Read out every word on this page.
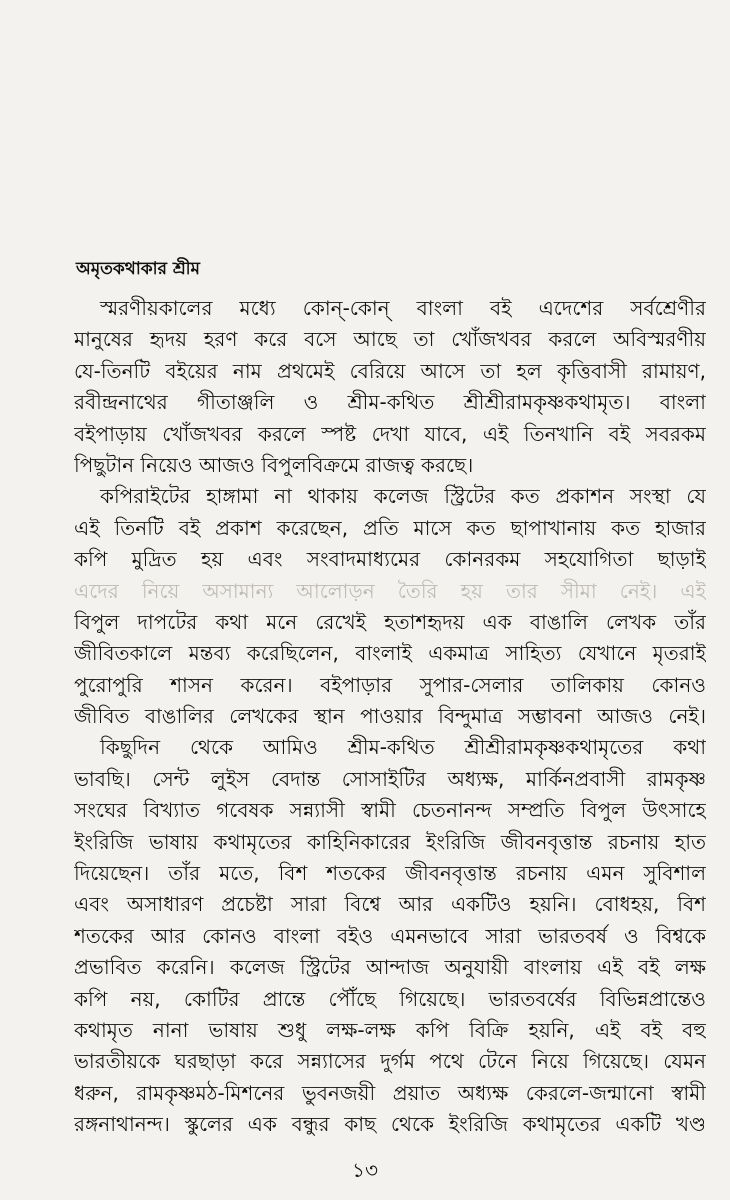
অমৃতকথাকার শ্রীম
স্মরণীয়কালের মধ্যে কোন্-কোন্ বাংলা বই এদেশের সর্বশ্রেণীর
মানুষের হৃদয় হরণ করে বসে আছে তা খোঁজখবর করলে অবিস্মরণীয়
যে-তিনটি বইয়ের নাম প্রথমেই বেরিয়ে আসে তা হল কৃত্তিবাসী রামায়ণ,
রবীন্দ্রনাথের গীতাঞ্জলি ও শ্রীম-কথিত শ্রীশ্রীরামকৃষ্ণকথামৃত। বাংলা
বইপাড়ায় খোঁজখবর করলে স্পষ্ট দেখা যাবে, এই তিনখানি বই সবরকম
পিছুটান নিয়েও আজও বিপুলবিক্রমে রাজত্ব করছে।
কপিরাইটের হাঙ্গামা না থাকায় কলেজ স্ট্রিটের কত প্রকাশন সংস্থা যে
এই তিনটি বই প্রকাশ করেছেন, প্রতি মাসে কত ছাপাখানায় কত হাজার
কপি মুদ্রিত হয় এবং সংবাদমাধ্যমের কোনরকম সহযোগিতা ছাড়াই
এদের নিয়ে অসামান্য আলোড়ন তৈরি হয় তার সীমা নেই। এই
বিপুল দাপটের কথা মনে রেখেই হতাশহৃদয় এক বাঙালি লেখক তাঁর
জীবিতকালে মন্তব্য করেছিলেন, বাংলাই একমাত্র সাহিত্য যেখানে মৃতরাই
পুরোপুরি শাসন করেন। বইপাড়ার সুপার-সেলার তালিকায় কোনও
জীবিত বাঙালির লেখকের স্থান পাওয়ার বিন্দুমাত্র সম্ভাবনা আজও নেই।
কিছুদিন থেকে আমিও শ্রীম-কথিত শ্রীশ্রীরামকৃষ্ণকথামৃতের কথা
ভাবছি। সেন্ট লুইস বেদান্ত সোসাইটির অধ্যক্ষ, মার্কিনপ্রবাসী রামকৃষ্ণ
সংঘের বিখ্যাত গবেষক সন্ন্যাসী স্বামী চেতনানন্দ সম্প্রতি বিপুল উৎসাহে
ইংরিজি ভাষায় কথামৃতের কাহিনিকারের ইংরিজি জীবনবৃত্তান্ত রচনায় হাত
দিয়েছেন। তাঁর মতে, বিশ শতকের জীবনবৃত্তান্ত রচনায় এমন সুবিশাল
এবং অসাধারণ প্রচেষ্টা সারা বিশ্বে আর একটিও হয়নি। বোধহয়, বিশ
শতকের আর কোনও বাংলা বইও এমনভাবে সারা ভারতবর্ষ ও বিশ্বকে
প্রভাবিত করেনি। কলেজ স্ট্রিটের আন্দাজ অনুযায়ী বাংলায় এই বই লক্ষ
কপি নয়, কোটির প্রান্তে পৌঁছে গিয়েছে। ভারতবর্ষের বিভিন্নপ্রান্তেও
কথামৃত নানা ভাষায় শুধু লক্ষ-লক্ষ কপি বিক্রি হয়নি, এই বই বহু
ভারতীয়কে ঘরছাড়া করে সন্ন্যাসের দুর্গম পথে টেনে নিয়ে গিয়েছে। যেমন
ধরুন, রামকৃষ্ণমঠ-মিশনের ভুবনজয়ী প্রয়াত অধ্যক্ষ কেরলে-জন্মানো স্বামী
রঙ্গনাথানন্দ। স্কুলের এক বন্ধুর কাছ থেকে ইংরিজি কথামৃতের একটি খণ্ড
১৩
